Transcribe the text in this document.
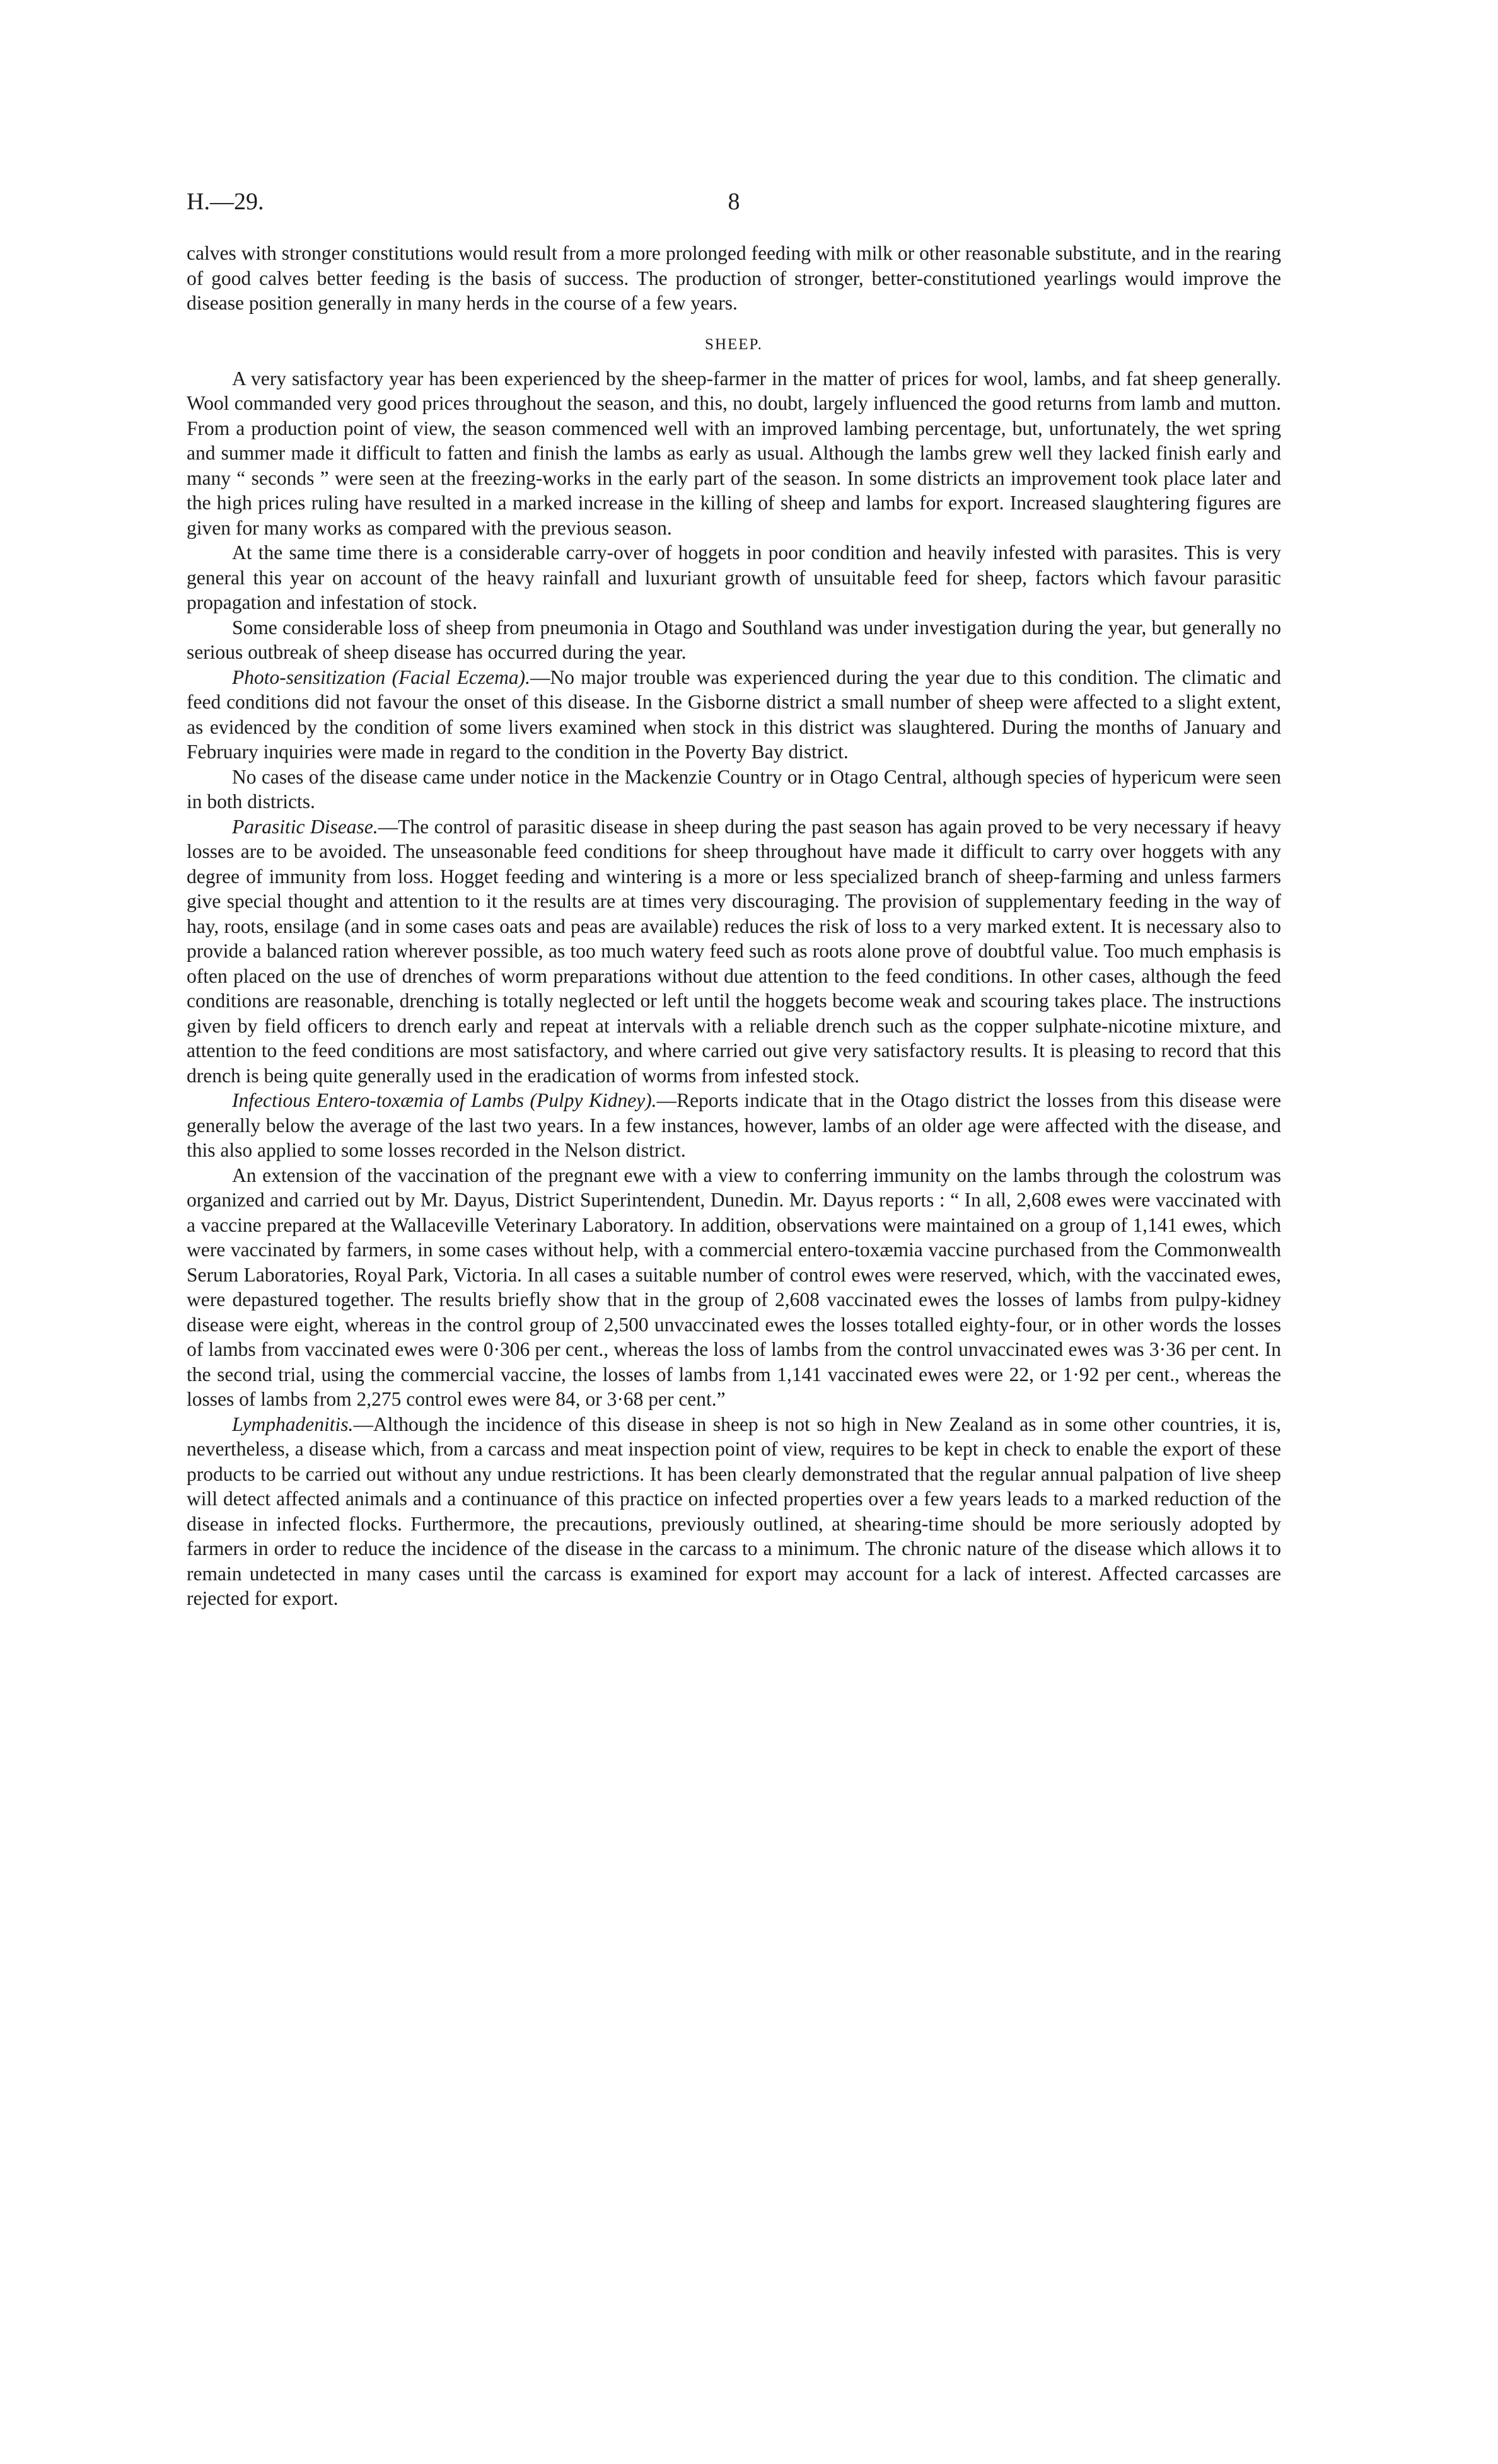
H.—29.	8

calves with stronger constitutions would result from a more prolonged feeding with milk or other reasonable substitute, and in the rearing of good calves better feeding is the basis of success. The production of stronger, better-constitutioned yearlings would improve the disease position generally in many herds in the course of a few years.

SHEEP.

A very satisfactory year has been experienced by the sheep-farmer in the matter of prices for wool, lambs, and fat sheep generally. Wool commanded very good prices throughout the season, and this, no doubt, largely influenced the good returns from lamb and mutton. From a production point of view, the season commenced well with an improved lambing percentage, but, unfortunately, the wet spring and summer made it difficult to fatten and finish the lambs as early as usual. Although the lambs grew well they lacked finish early and many “ seconds ” were seen at the freezing-works in the early part of the season. In some districts an improvement took place later and the high prices ruling have resulted in a marked increase in the killing of sheep and lambs for export. Increased slaughtering figures are given for many works as compared with the previous season.

At the same time there is a considerable carry-over of hoggets in poor condition and heavily infested with parasites. This is very general this year on account of the heavy rainfall and luxuriant growth of unsuitable feed for sheep, factors which favour parasitic propagation and infestation of stock.

Some considerable loss of sheep from pneumonia in Otago and Southland was under investigation during the year, but generally no serious outbreak of sheep disease has occurred during the year.

Photo-sensitization (Facial Eczema).—No major trouble was experienced during the year due to this condition. The climatic and feed conditions did not favour the onset of this disease. In the Gisborne district a small number of sheep were affected to a slight extent, as evidenced by the condition of some livers examined when stock in this district was slaughtered. During the months of January and February inquiries were made in regard to the condition in the Poverty Bay district.

No cases of the disease came under notice in the Mackenzie Country or in Otago Central, although species of hypericum were seen in both districts.

Parasitic Disease.—The control of parasitic disease in sheep during the past season has again proved to be very necessary if heavy losses are to be avoided. The unseasonable feed conditions for sheep throughout have made it difficult to carry over hoggets with any degree of immunity from loss. Hogget feeding and wintering is a more or less specialized branch of sheep-farming and unless farmers give special thought and attention to it the results are at times very discouraging. The provision of supplementary feeding in the way of hay, roots, ensilage (and in some cases oats and peas are available) reduces the risk of loss to a very marked extent. It is necessary also to provide a balanced ration wherever possible, as too much watery feed such as roots alone prove of doubtful value. Too much emphasis is often placed on the use of drenches of worm preparations without due attention to the feed conditions. In other cases, although the feed conditions are reasonable, drenching is totally neglected or left until the hoggets become weak and scouring takes place. The instructions given by field officers to drench early and repeat at intervals with a reliable drench such as the copper sulphate-nicotine mixture, and attention to the feed conditions are most satisfactory, and where carried out give very satisfactory results. It is pleasing to record that this drench is being quite generally used in the eradication of worms from infested stock.

Infectious Entero-toxæmia of Lambs (Pulpy Kidney).—Reports indicate that in the Otago district the losses from this disease were generally below the average of the last two years. In a few instances, however, lambs of an older age were affected with the disease, and this also applied to some losses recorded in the Nelson district.

An extension of the vaccination of the pregnant ewe with a view to conferring immunity on the lambs through the colostrum was organized and carried out by Mr. Dayus, District Superintendent, Dunedin. Mr. Dayus reports : “ In all, 2,608 ewes were vaccinated with a vaccine prepared at the Wallaceville Veterinary Laboratory. In addition, observations were maintained on a group of 1,141 ewes, which were vaccinated by farmers, in some cases without help, with a commercial entero-toxæmia vaccine purchased from the Commonwealth Serum Laboratories, Royal Park, Victoria. In all cases a suitable number of control ewes were reserved, which, with the vaccinated ewes, were depastured together. The results briefly show that in the group of 2,608 vaccinated ewes the losses of lambs from pulpy-kidney disease were eight, whereas in the control group of 2,500 unvaccinated ewes the losses totalled eighty-four, or in other words the losses of lambs from vaccinated ewes were 0·306 per cent., whereas the loss of lambs from the control unvaccinated ewes was 3·36 per cent. In the second trial, using the commercial vaccine, the losses of lambs from 1,141 vaccinated ewes were 22, or 1·92 per cent., whereas the losses of lambs from 2,275 control ewes were 84, or 3·68 per cent.”

Lymphadenitis.—Although the incidence of this disease in sheep is not so high in New Zealand as in some other countries, it is, nevertheless, a disease which, from a carcass and meat inspection point of view, requires to be kept in check to enable the export of these products to be carried out without any undue restrictions. It has been clearly demonstrated that the regular annual palpation of live sheep will detect affected animals and a continuance of this practice on infected properties over a few years leads to a marked reduction of the disease in infected flocks. Furthermore, the precautions, previously outlined, at shearing-time should be more seriously adopted by farmers in order to reduce the incidence of the disease in the carcass to a minimum. The chronic nature of the disease which allows it to remain undetected in many cases until the carcass is examined for export may account for a lack of interest. Affected carcasses are rejected for export.
